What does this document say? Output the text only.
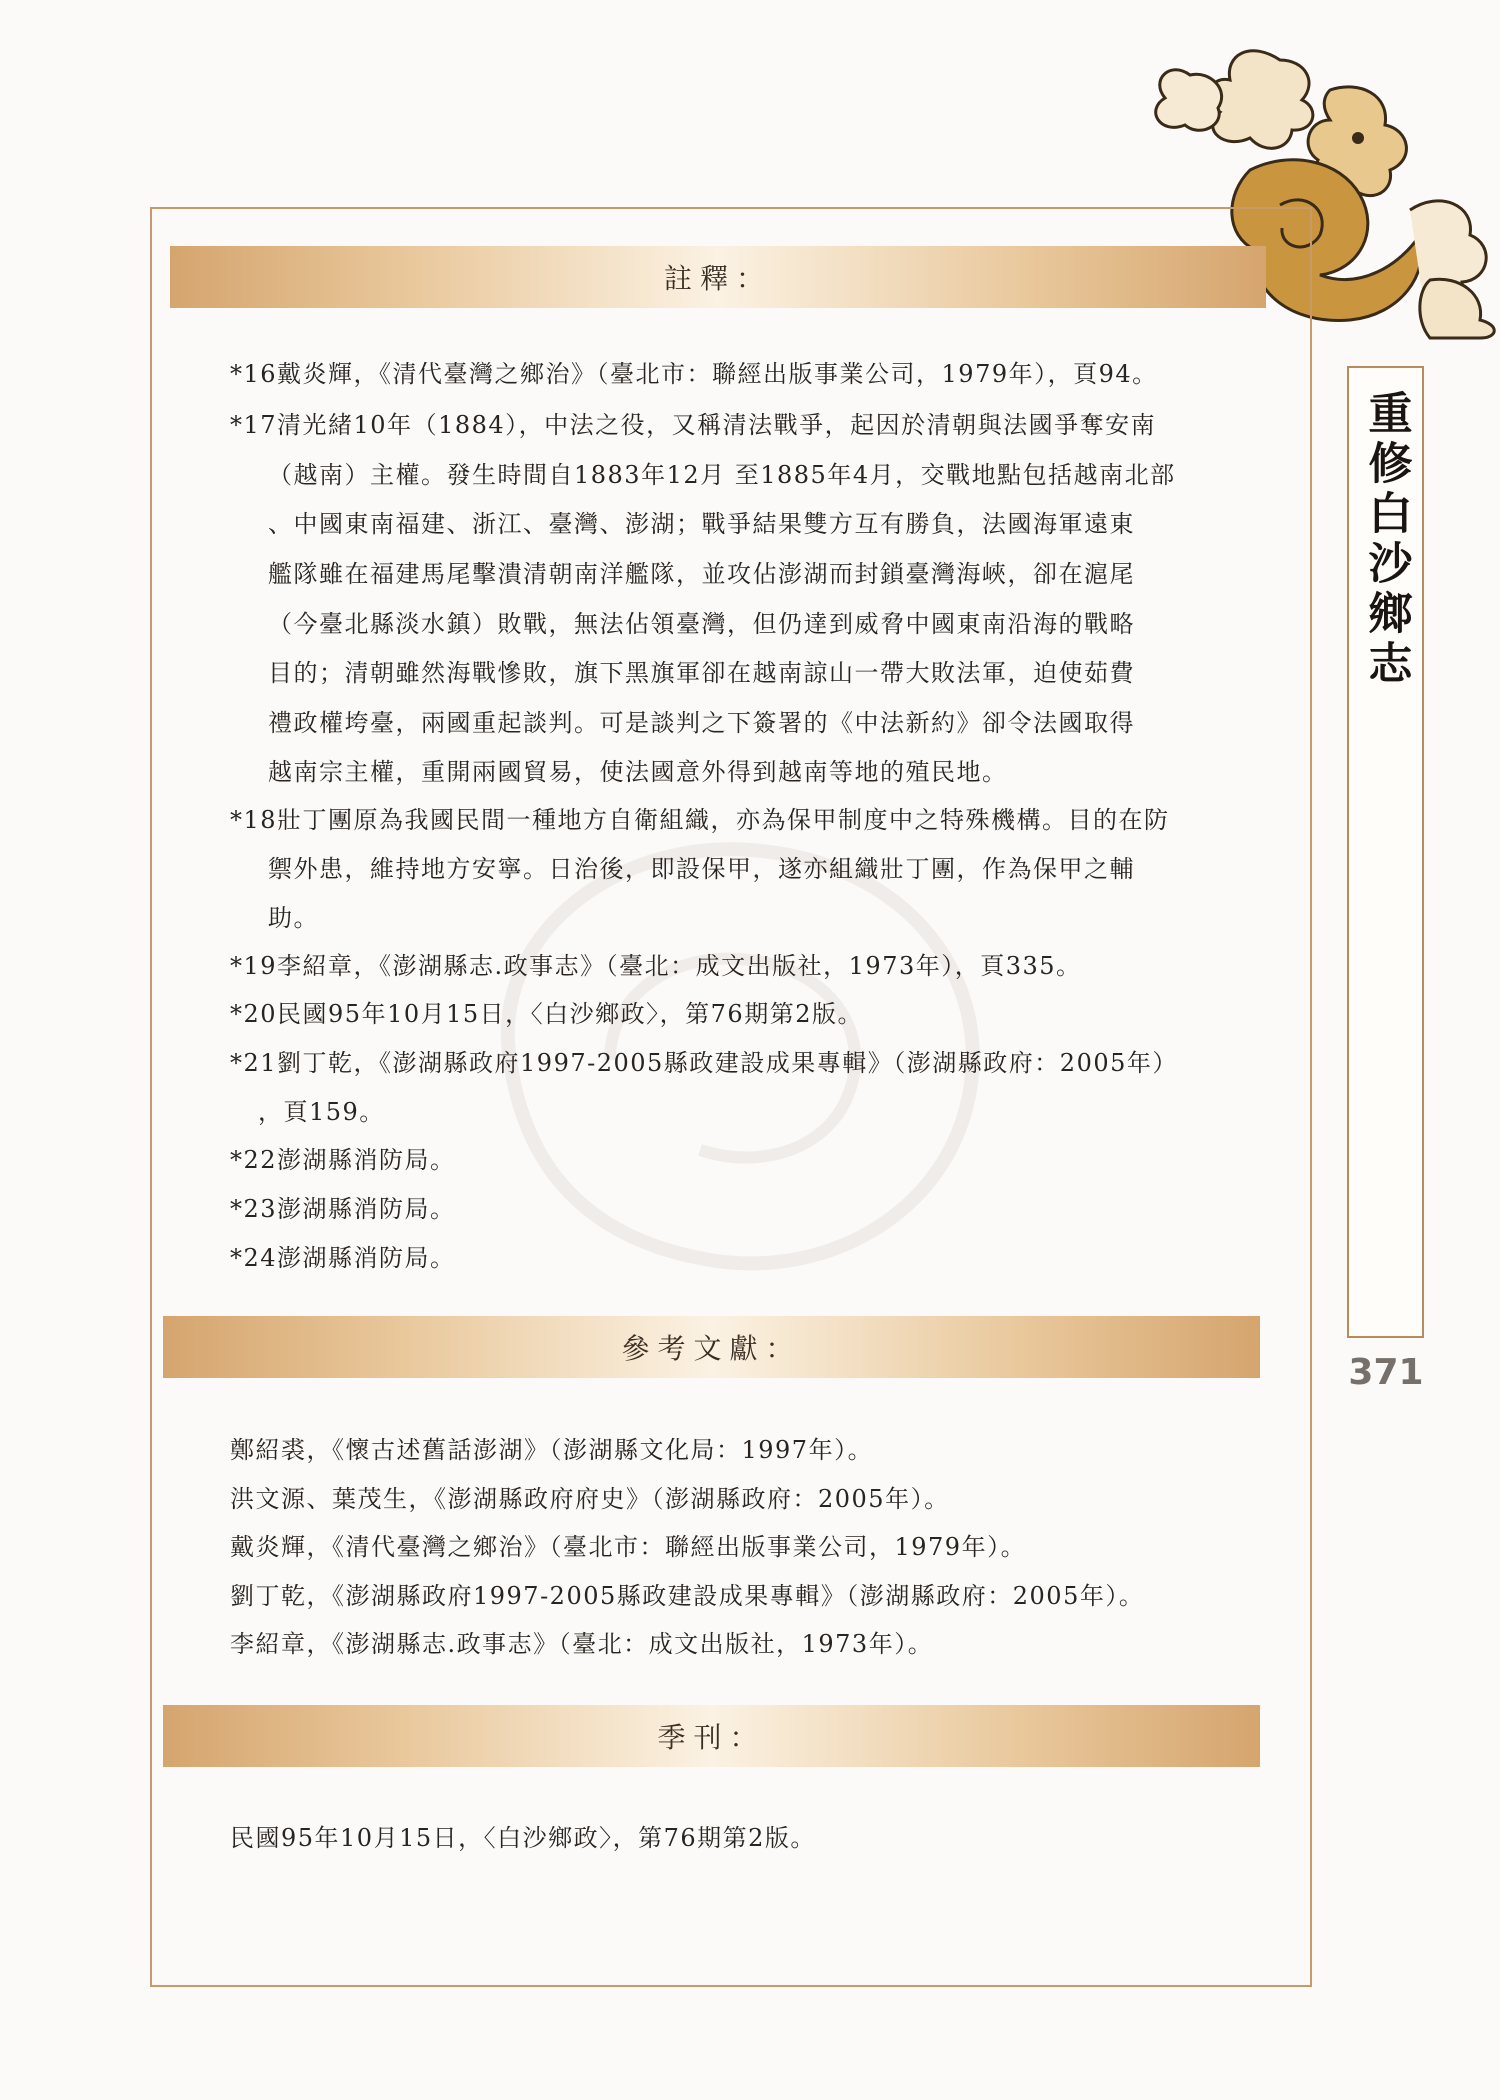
重修白沙鄉志
371
註釋：
*16戴炎輝，《清代臺灣之鄉治》（臺北市：聯經出版事業公司，1979年），頁94。
*17清光緒10年（1884），中法之役，又稱清法戰爭，起因於清朝與法國爭奪安南
（越南）主權。發生時間自1883年12月 至1885年4月，交戰地點包括越南北部
、中國東南福建、浙江、臺灣、澎湖；戰爭結果雙方互有勝負，法國海軍遠東
艦隊雖在福建馬尾擊潰清朝南洋艦隊，並攻佔澎湖而封鎖臺灣海峽，卻在滬尾
（今臺北縣淡水鎮）敗戰，無法佔領臺灣，但仍達到威脅中國東南沿海的戰略
目的；清朝雖然海戰慘敗，旗下黑旗軍卻在越南諒山一帶大敗法軍，迫使茹費
禮政權垮臺，兩國重起談判。可是談判之下簽署的《中法新約》卻令法國取得
越南宗主權，重開兩國貿易，使法國意外得到越南等地的殖民地。
*18壯丁團原為我國民間一種地方自衛組織，亦為保甲制度中之特殊機構。目的在防
禦外患，維持地方安寧。日治後，即設保甲，遂亦組織壯丁團，作為保甲之輔
助。
*19李紹章，《澎湖縣志.政事志》（臺北：成文出版社，1973年），頁335。
*20民國95年10月15日，〈白沙鄉政〉，第76期第2版。
*21劉丁乾，《澎湖縣政府1997-2005縣政建設成果專輯》（澎湖縣政府：2005年）
，頁159。
*22澎湖縣消防局。
*23澎湖縣消防局。
*24澎湖縣消防局。
參考文獻：
鄭紹裘，《懷古述舊話澎湖》（澎湖縣文化局：1997年）。
洪文源、葉茂生，《澎湖縣政府府史》（澎湖縣政府：2005年）。
戴炎輝，《清代臺灣之鄉治》（臺北市：聯經出版事業公司，1979年）。
劉丁乾，《澎湖縣政府1997-2005縣政建設成果專輯》（澎湖縣政府：2005年）。
李紹章，《澎湖縣志.政事志》（臺北：成文出版社，1973年）。
季刊：
民國95年10月15日，〈白沙鄉政〉，第76期第2版。
